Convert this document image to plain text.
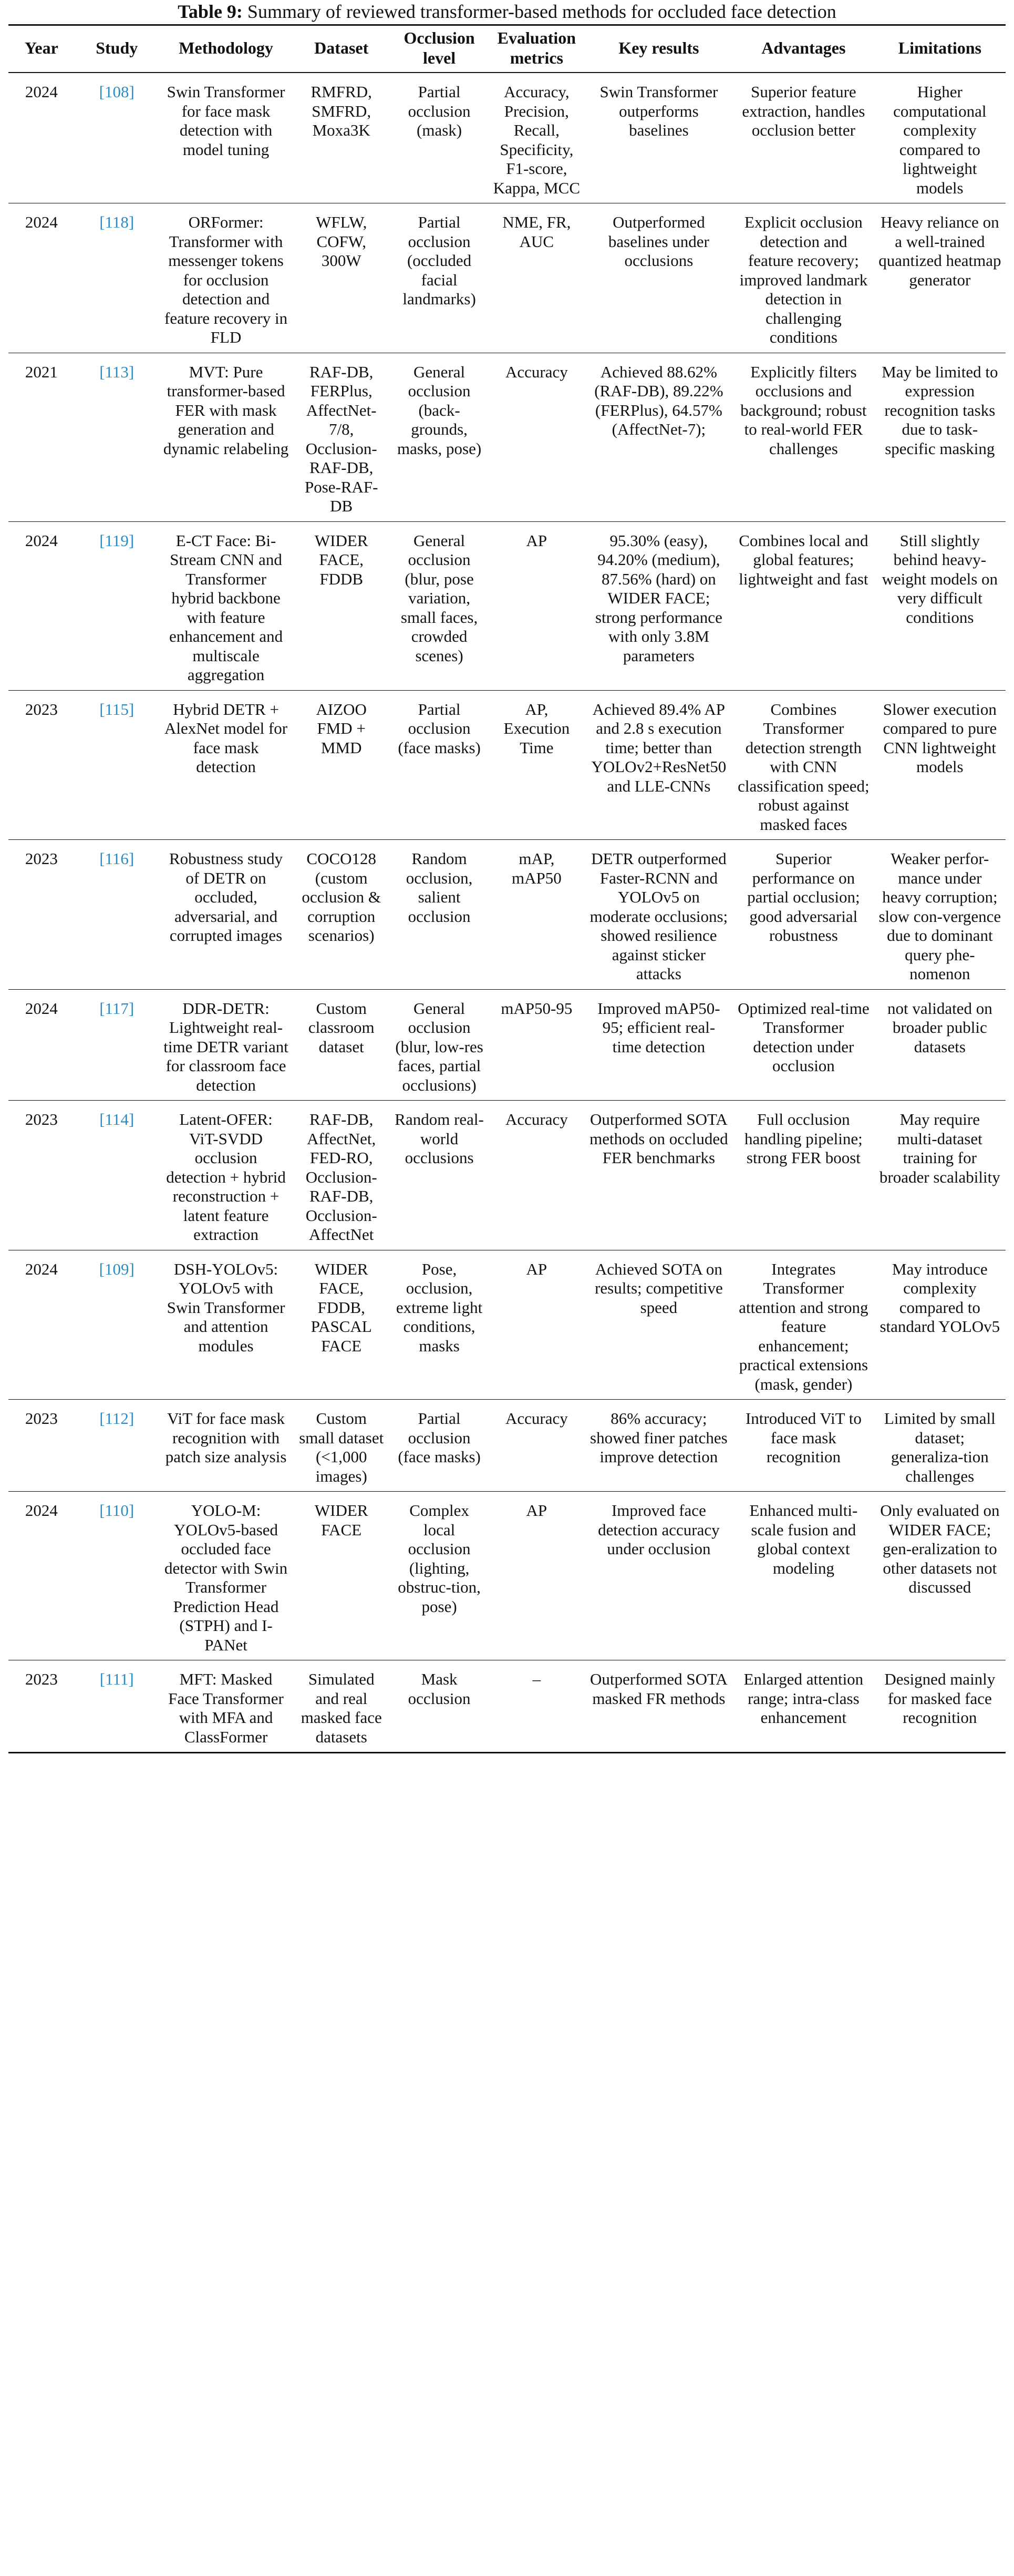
Table 9: Summary of reviewed transformer-based methods for occluded face detection
Year	Study	Methodology	Dataset	Occlusion level	Evaluation metrics	Key results	Advantages	Limitations
2024	[108]	Swin Transformer for face mask detection with model tuning	RMFRD, SMFRD, Moxa3K	Partial occlusion (mask)	Accuracy, Precision, Recall, Specificity, F1-score, Kappa, MCC	Swin Transformer outperforms baselines	Superior feature extraction, handles occlusion better	Higher computational complexity compared to lightweight models
2024	[118]	ORFormer: Transformer with messenger tokens for occlusion detection and feature recovery in FLD	WFLW, COFW, 300W	Partial occlusion (occluded facial landmarks)	NME, FR, AUC	Outperformed baselines under occlusions	Explicit occlusion detection and feature recovery; improved landmark detection in challenging conditions	Heavy reliance on a well-trained quantized heatmap generator
2021	[113]	MVT: Pure transformer-based FER with mask generation and dynamic relabeling	RAF-DB, FERPlus, AffectNet-7/8, Occlusion-RAF-DB, Pose-RAF-DB	General occlusion (back-grounds, masks, pose)	Accuracy	Achieved 88.62% (RAF-DB), 89.22% (FERPlus), 64.57% (AffectNet-7);	Explicitly filters occlusions and background; robust to real-world FER challenges	May be limited to expression recognition tasks due to task-specific masking
2024	[119]	E-CT Face: Bi-Stream CNN and Transformer hybrid backbone with feature enhancement and multiscale aggregation	WIDER FACE, FDDB	General occlusion (blur, pose variation, small faces, crowded scenes)	AP	95.30% (easy), 94.20% (medium), 87.56% (hard) on WIDER FACE; strong performance with only 3.8M parameters	Combines local and global features; lightweight and fast	Still slightly behind heavy-weight models on very difficult conditions
2023	[115]	Hybrid DETR + AlexNet model for face mask detection	AIZOO FMD + MMD	Partial occlusion (face masks)	AP, Execution Time	Achieved 89.4% AP and 2.8 s execution time; better than YOLOv2+ResNet50 and LLE-CNNs	Combines Transformer detection strength with CNN classification speed; robust against masked faces	Slower execution compared to pure CNN lightweight models
2023	[116]	Robustness study of DETR on occluded, adversarial, and corrupted images	COCO128 (custom occlusion & corruption scenarios)	Random occlusion, salient occlusion	mAP, mAP50	DETR outperformed Faster-RCNN and YOLOv5 on moderate occlusions; showed resilience against sticker attacks	Superior performance on partial occlusion; good adversarial robustness	Weaker perfor-mance under heavy corruption; slow con-vergence due to dominant query phe-nomenon
2024	[117]	DDR-DETR: Lightweight real-time DETR variant for classroom face detection	Custom classroom dataset	General occlusion (blur, low-res faces, partial occlusions)	mAP50-95	Improved mAP50-95; efficient real-time detection	Optimized real-time Transformer detection under occlusion	not validated on broader public datasets
2023	[114]	Latent-OFER: ViT-SVDD occlusion detection + hybrid reconstruction + latent feature extraction	RAF-DB, AffectNet, FED-RO, Occlusion-RAF-DB, Occlusion-AffectNet	Random real-world occlusions	Accuracy	Outperformed SOTA methods on occluded FER benchmarks	Full occlusion handling pipeline; strong FER boost	May require multi-dataset training for broader scalability
2024	[109]	DSH-YOLOv5: YOLOv5 with Swin Transformer and attention modules	WIDER FACE, FDDB, PASCAL FACE	Pose, occlusion, extreme light conditions, masks	AP	Achieved SOTA on results; competitive speed	Integrates Transformer attention and strong feature enhancement; practical extensions (mask, gender)	May introduce complexity compared to standard YOLOv5
2023	[112]	ViT for face mask recognition with patch size analysis	Custom small dataset (<1,000 images)	Partial occlusion (face masks)	Accuracy	86% accuracy; showed finer patches improve detection	Introduced ViT to face mask recognition	Limited by small dataset; generaliza-tion challenges
2024	[110]	YOLO-M: YOLOv5-based occluded face detector with Swin Transformer Prediction Head (STPH) and I-PANet	WIDER FACE	Complex local occlusion (lighting, obstruc-tion, pose)	AP	Improved face detection accuracy under occlusion	Enhanced multi-scale fusion and global context modeling	Only evaluated on WIDER FACE; gen-eralization to other datasets not discussed
2023	[111]	MFT: Masked Face Transformer with MFA and ClassFormer	Simulated and real masked face datasets	Mask occlusion	–	Outperformed SOTA masked FR methods	Enlarged attention range; intra-class enhancement	Designed mainly for masked face recognition
